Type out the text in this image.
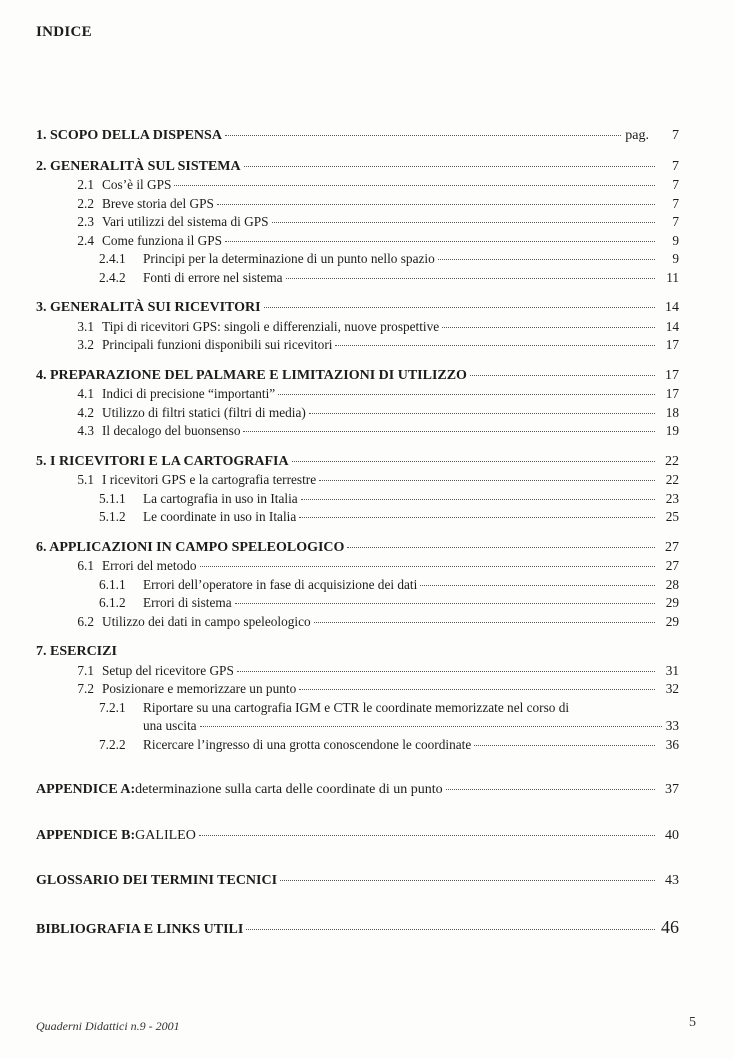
INDICE
1. SCOPO DELLA DISPENSA	pag.	7
2. GENERALITÀ SUL SISTEMA	7
2.1 Cos’è il GPS	7
2.2 Breve storia del GPS	7
2.3 Vari utilizzi del sistema di GPS	7
2.4 Come funziona il GPS	9
2.4.1	Principi per la determinazione di un punto nello spazio	9
2.4.2	Fonti di errore nel sistema	11
3. GENERALITÀ SUI RICEVITORI	14
3.1 Tipi di ricevitori GPS: singoli e differenziali, nuove prospettive	14
3.2 Principali funzioni disponibili sui ricevitori	17
4. PREPARAZIONE DEL PALMARE E LIMITAZIONI DI UTILIZZO	17
4.1 Indici di precisione “importanti”	17
4.2 Utilizzo di filtri statici (filtri di media)	18
4.3 Il decalogo del buonsenso	19
5. I RICEVITORI E LA CARTOGRAFIA	22
5.1 I ricevitori GPS e la cartografia terrestre	22
5.1.1	La cartografia in uso in Italia	23
5.1.2	Le coordinate in uso in Italia	25
6. APPLICAZIONI IN CAMPO SPELEOLOGICO	27
6.1 Errori del metodo	27
6.1.1	Errori dell’operatore in fase di acquisizione dei dati	28
6.1.2	Errori di sistema	29
6.2 Utilizzo dei dati in campo speleologico	29
7. ESERCIZI
7.1 Setup del ricevitore GPS	31
7.2 Posizionare e memorizzare un punto	32
7.2.1	Riportare su una cartografia IGM e CTR le coordinate memorizzate nel corso di
una uscita	33
7.2.2	Ricercare l’ingresso di una grotta conoscendone le coordinate	36
APPENDICE A: determinazione sulla carta delle coordinate di un punto	37
APPENDICE B: GALILEO	40
GLOSSARIO DEI TERMINI TECNICI	43
BIBLIOGRAFIA E LINKS UTILI	46
Quaderni Didattici n.9 - 2001	5
